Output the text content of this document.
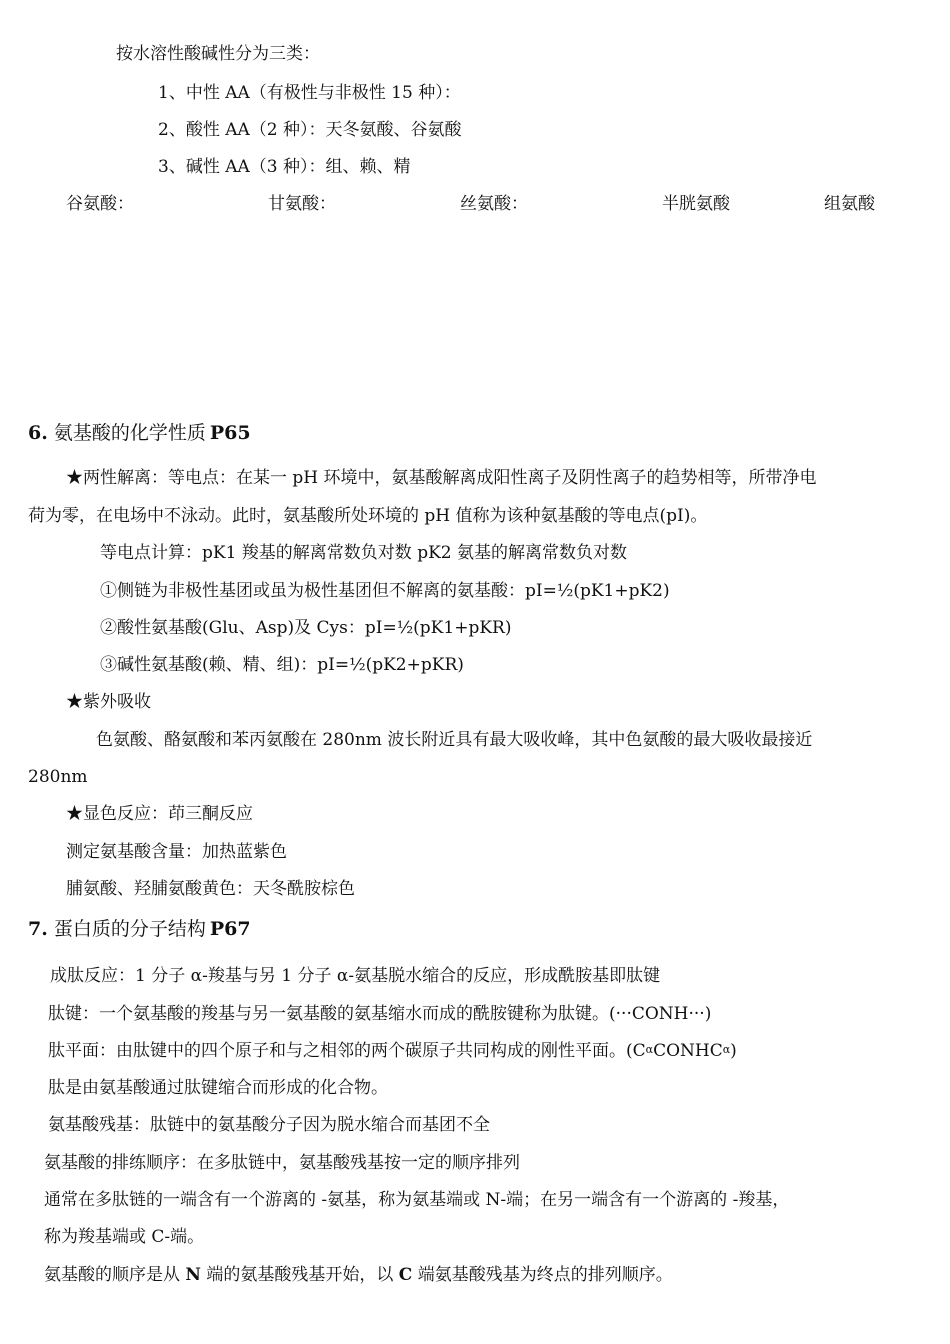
按水溶性酸碱性分为三类：
1、中性 AA（有极性与非极性 15 种）：
2、酸性 AA（2 种）：天冬氨酸、谷氨酸
3、碱性 AA（3 种）：组、赖、精
谷氨酸：	甘氨酸：	丝氨酸：	半胱氨酸	组氨酸
6. 氨基酸的化学性质 P65
★两性解离：等电点：在某一 pH 环境中，氨基酸解离成阳性离子及阴性离子的趋势相等，所带净电
荷为零，在电场中不泳动。此时，氨基酸所处环境的 pH 值称为该种氨基酸的等电点(pI)。
等电点计算：pK1 羧基的解离常数负对数 pK2 氨基的解离常数负对数
①侧链为非极性基团或虽为极性基团但不解离的氨基酸：pI=½(pK1+pK2)
②酸性氨基酸(Glu、Asp)及 Cys：pI=½(pK1+pKR)
③碱性氨基酸(赖、精、组)：pI=½(pK2+pKR)
★紫外吸收
色氨酸、酪氨酸和苯丙氨酸在 280nm 波长附近具有最大吸收峰，其中色氨酸的最大吸收最接近
280nm
★显色反应：茚三酮反应
测定氨基酸含量：加热蓝紫色
脯氨酸、羟脯氨酸黄色：天冬酰胺棕色
7. 蛋白质的分子结构 P67
成肽反应：1 分子 α-羧基与另 1 分子 α-氨基脱水缩合的反应，形成酰胺基即肽键
肽键：一个氨基酸的羧基与另一氨基酸的氨基缩水而成的酰胺键称为肽键。(···CONH···)
肽平面：由肽键中的四个原子和与之相邻的两个碳原子共同构成的刚性平面。(CαCONHCα)
肽是由氨基酸通过肽键缩合而形成的化合物。
氨基酸残基：肽链中的氨基酸分子因为脱水缩合而基团不全
氨基酸的排练顺序：在多肽链中，氨基酸残基按一定的顺序排列
通常在多肽链的一端含有一个游离的 -氨基，称为氨基端或 N-端；在另一端含有一个游离的 -羧基，
称为羧基端或 C-端。
氨基酸的顺序是从 N 端的氨基酸残基开始，以 C 端氨基酸残基为终点的排列顺序。
